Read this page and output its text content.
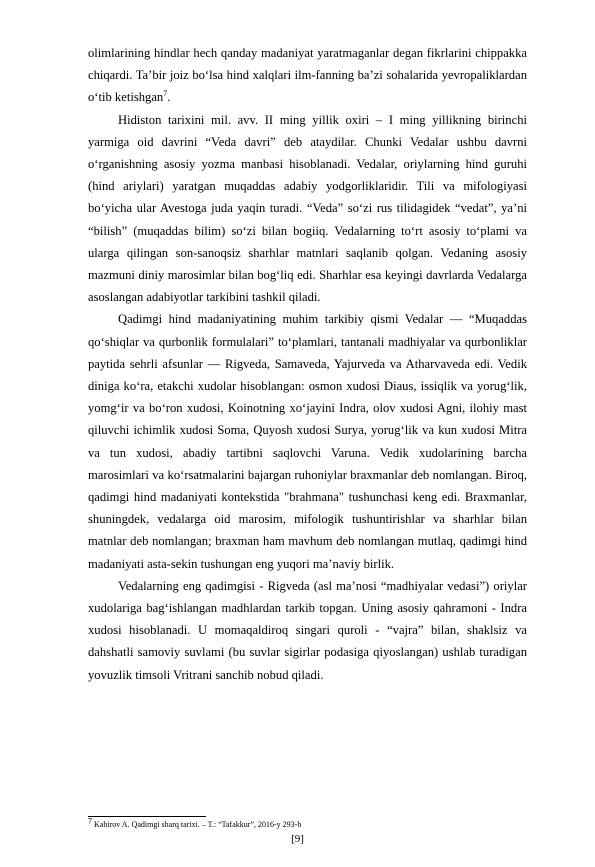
olimlarining hindlar hech qanday madaniyat yaratmaganlar degan fikrlarini chippakka chiqardi. Ta’bir joiz bo‘lsa hind xalqlari ilm-fanning ba’zi sohalarida yevropaliklardan o‘tib ketishgan$^7$.

Hidiston tarixini mil. avv. II ming yillik oxiri – I ming yillikning birinchi yarmiga oid davrini “Veda davri” deb ataydilar. Chunki Vedalar ushbu davrni o‘rganishning asosiy yozma manbasi hisoblanadi. Vedalar, oriylarning hind guruhi (hind ariylari) yaratgan muqaddas adabiy yodgorliklaridir. Tili va mifologiyasi bo‘yicha ular Avestoga juda yaqin turadi. “Veda” so‘zi rus tilidagidek “vedat”, ya’ni “bilish” (muqaddas bilim) so‘zi bilan bogiiq. Vedalarning to‘rt asosiy to‘plami va ularga qilingan son-sanoqsiz sharhlar matnlari saqlanib qolgan. Vedaning asosiy mazmuni diniy marosimlar bilan bog‘liq edi. Sharhlar esa keyingi davrlarda Vedalarga asoslangan adabiyotlar tarkibini tashkil qiladi.

Qadimgi hind madaniyatining muhim tarkibiy qismi Vedalar — “Muqaddas qo‘shiqlar va qurbonlik formulalari” to‘plamlari, tantanali madhiyalar va qurbonliklar paytida sehrli afsunlar — Rigveda, Samaveda, Yajurveda va Atharvaveda edi. Vedik diniga ko‘ra, etakchi xudolar hisoblangan: osmon xudosi Diaus, issiqlik va yorug‘lik, yomg‘ir va bo‘ron xudosi, Koinotning xo‘jayini Indra, olov xudosi Agni, ilohiy mast qiluvchi ichimlik xudosi Soma, Quyosh xudosi Surya, yorug‘lik va kun xudosi Mitra va tun xudosi, abadiy tartibni saqlovchi Varuna. Vedik xudolarining barcha marosimlari va ko‘rsatmalarini bajargan ruhoniylar braxmanlar deb nomlangan. Biroq, qadimgi hind madaniyati kontekstida "brahmana" tushunchasi keng edi. Braxmanlar, shuningdek, vedalarga oid marosim, mifologik tushuntirishlar va sharhlar bilan matnlar deb nomlangan; braxman ham mavhum deb nomlangan mutlaq, qadimgi hind madaniyati asta-sekin tushungan eng yuqori ma’naviy birlik.

Vedalarning eng qadimgisi - Rigveda (asl ma’nosi “madhiyalar vedasi”) oriylar xudolariga bag‘ishlangan madhlardan tarkib topgan. Uning asosiy qahramoni - Indra xudosi hisoblanadi. U momaqaldiroq singari quroli - “vajra” bilan, shaklsiz va dahshatli samoviy suvlami (bu suvlar sigirlar podasiga qiyoslangan) ushlab turadigan yovuzlik timsoli Vritrani sanchib nobud qiladi.

$^7$ Kabirov A. Qadimgi sharq tarixi. – T.: “Tafakkur”, 2016-y 293-b
[9]
